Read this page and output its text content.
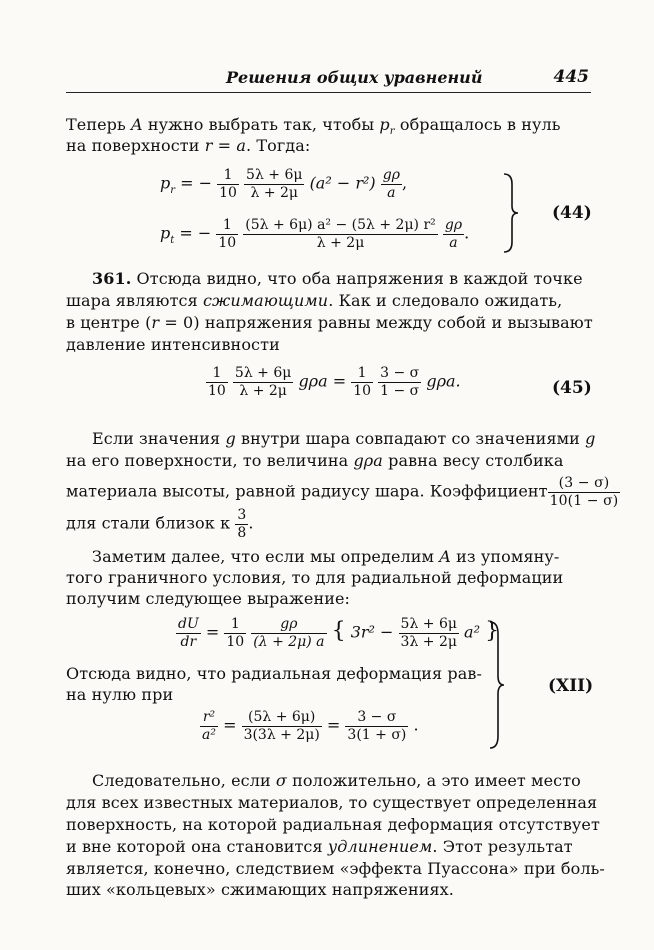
Решения общих уравнений	445
Теперь A нужно выбрать так, чтобы $p_r$ обращалось в нуль
на поверхности r = a. Тогда:
$p_r$ = − $\frac{1}{10}$
$\frac{5\lambda + 6\mu}{\lambda + 2\mu} (a^2 - r^2) \frac{g\rho}{a}$ ,
$p_t$ = − $\frac{1}{10}$
$\frac{\text{(5λ + 6μ) a² − (5λ + 2μ) r²}}{\lambda + 2\mu}$
$\frac{g\rho}{a}$ .
(44)
361. Отсюда видно, что оба напряжения в каждой точке
шара являются сжимающими. Как и следовало ожидать,
в центре (r = 0) напряжения равны между собой и вызывают
давление интенсивности
$\frac{1}{10}$
$\frac{5\lambda + 6\mu}{\lambda + 2\mu}$ $g\rho a = \frac{1}{10}$
$\frac{3 - \sigma}{1 - \sigma} g\rho a$.	(45)
Если значения g внутри шара совпадают со значениями g
на его поверхности, то величина gρa равна весу столбика
материала высоты, равной радиусу шара. Коэффициент $\frac{(3 - \sigma)}{10(1 - \sigma)}$
для стали близок к $\frac{3}{8}$ .
Заметим далее, что если мы определим A из упомяну-
того граничного условия, то для радиальной деформации
получим следующее выражение:
$\frac{dU}{dr} = \frac{1}{10}$
$\frac{g\rho}{(\lambda + 2\mu) a}$ { $3r^2 - \frac{5\lambda + 6\mu}{3\lambda + 2\mu} a^2$ }
Отсюда видно, что радиальная деформация рав-
на нулю при
$\frac{\text{r²}}{\text{a²}} = \frac{(5\lambda + 6\mu)}{3(3\lambda + 2\mu)} = \frac{3 - \sigma}{3(1 + \sigma)}$ .
(XII)
Следовательно, если σ положительно, а это имеет место
для всех известных материалов, то существует определенная
поверхность, на которой радиальная деформация отсутствует
и вне которой она становится удлинением. Этот результат
является, конечно, следствием «эффекта Пуассона» при боль-
ших «кольцевых» сжимающих напряжениях.
